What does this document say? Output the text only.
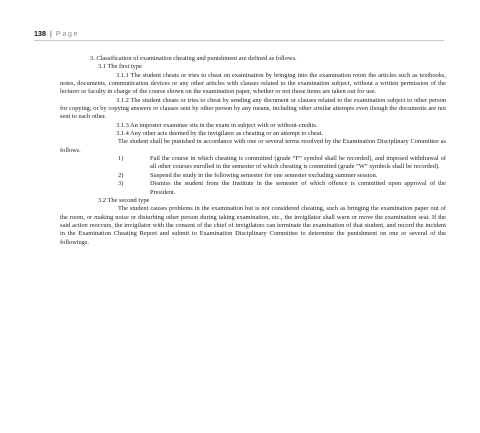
138 | Page

3. Classification of examination cheating and punishment are defined as follows.

3.1 The first type

3.1.1 The student cheats or tries to cheat on examination by bringing into the examination room the articles such as textbooks, notes, documents, communication devices or any other articles with clauses related to the examination subject, without a written permission of the lecturer or faculty in charge of the course shown on the examination paper, whether or not those items are taken out for use.

3.1.2 The student cheats or tries to cheat by sending any document or clauses related to the examination subject to other person for copying; or by copying answers or clauses sent by other person by any means, including other similar attempts even though the documents are not sent to each other.

3.1.3 An imposter examinee sits in the exam in subject with or without-credits.

3.1.4 Any other acts deemed by the invigilator as cheating or an attempt to cheat.

The student shall be punished in accordance with one or several terms resolved by the Examination Disciplinary Committee as follows.

1)	Fail the course in which cheating is committed (grade “F” symbol shall be recorded), and imposed withdrawal of all other courses enrolled in the semester of which cheating is committed (grade “W” symbols shall be recorded).
2)	Suspend the study in the following semester for one semester excluding summer session.
3)	Dismiss the student from the Institute in the semester of which offence is committed upon approval of the President.

3.2 The second type

The student causes problems in the examination but is not considered cheating, such as bringing the examination paper out of the room, or making noise or disturbing other person during taking examination, etc., the invigilator shall warn or move the examination seat. If the said action reoccurs, the invigilator with the consent of the chief of invigilators can terminate the examination of that student, and record the incident in the Examination Cheating Report and submit to Examination Disciplinary Committee to determine the punishment on one or several of the followings.
